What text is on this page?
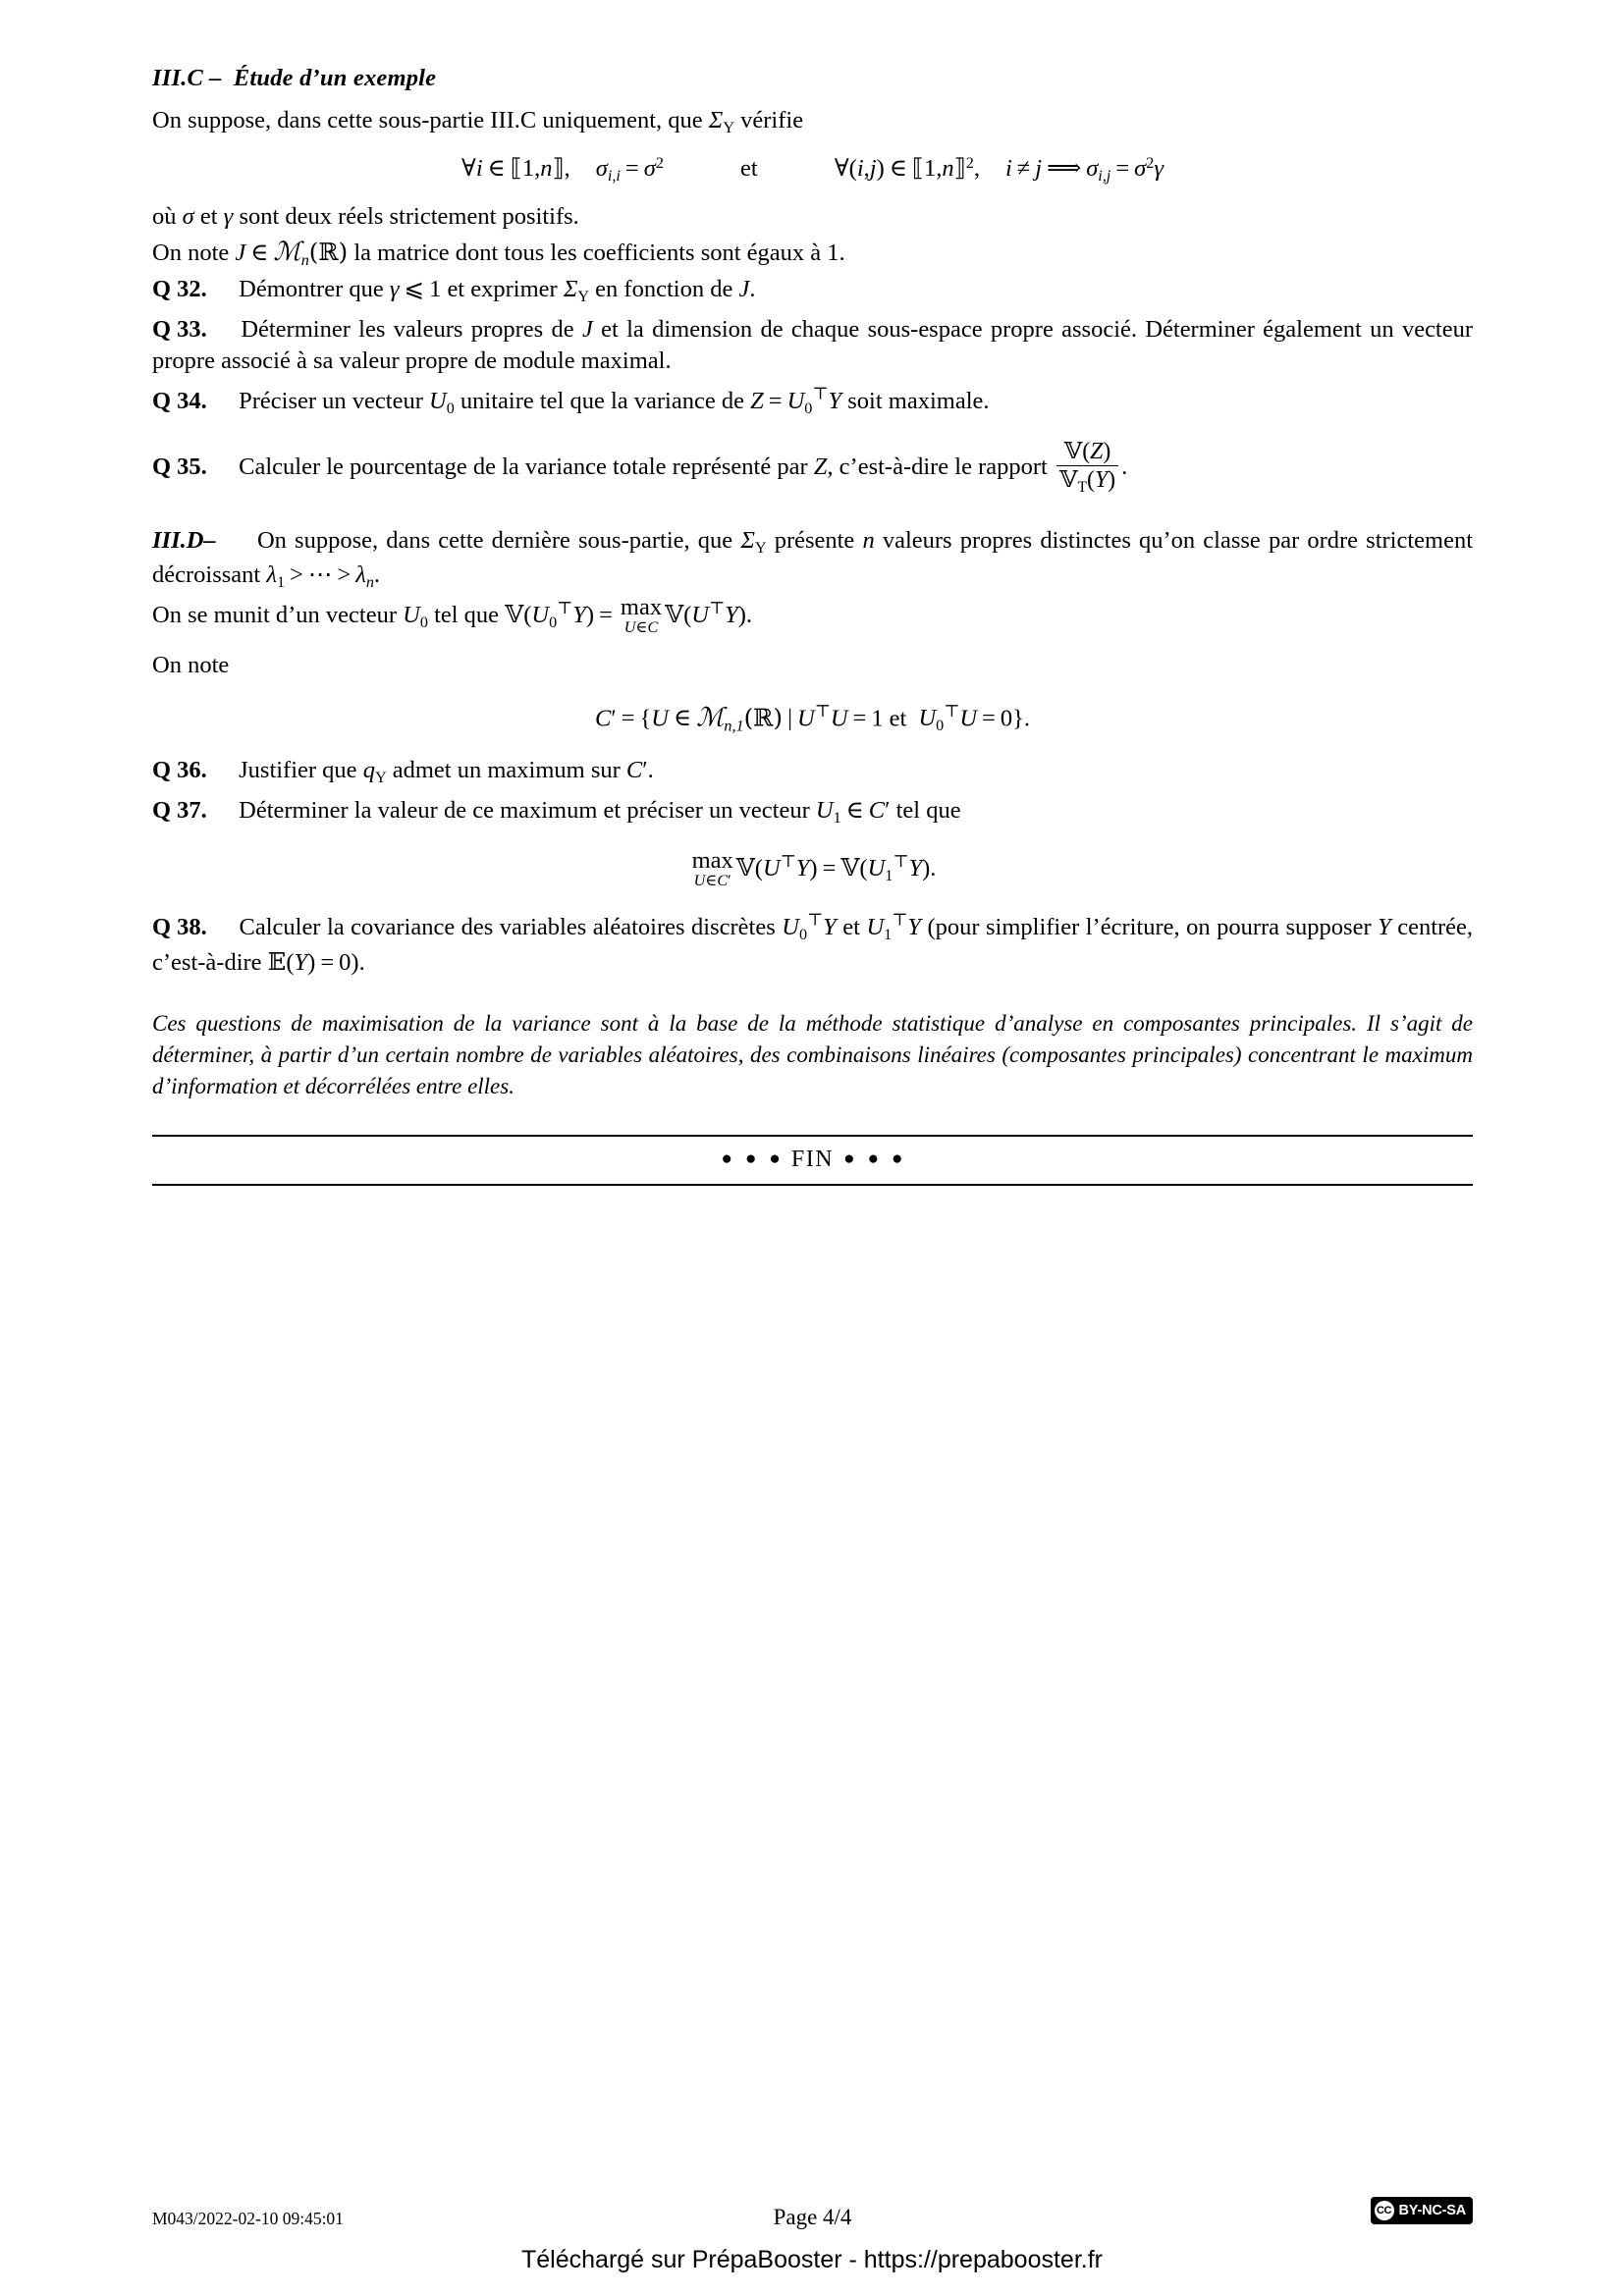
III.C – Étude d’un exemple

On suppose, dans cette sous-partie III.C uniquement, que $\Sigma_Y$ vérifie

∀i ∈ ⟦1,n⟧, $\sigma_{i,i} = \sigma^2$	et	∀(i,j) ∈ ⟦1,n⟧$^2$, i ≠ j ⟹ $\sigma_{i,j} = \sigma^2\gamma$

où σ et γ sont deux réels strictement positifs.

On note J ∈ ℳ$_n$(ℝ) la matrice dont tous les coefficients sont égaux à 1.

Q 32. Démontrer que γ ⩽ 1 et exprimer $\Sigma_Y$ en fonction de J.

Q 33. Déterminer les valeurs propres de J et la dimension de chaque sous-espace propre associé. Déterminer également un vecteur propre associé à sa valeur propre de module maximal.

Q 34. Préciser un vecteur $U_0$ unitaire tel que la variance de $Z = U_0^⊤Y$ soit maximale.

Q 35. Calculer le pourcentage de la variance totale représenté par Z, c’est-à-dire le rapport $\frac{\text{𝕍(Z)}}{𝕍_T(Y)}$ .

III.D– On suppose, dans cette dernière sous-partie, que $\Sigma_Y$ présente n valeurs propres distinctes qu’on classe par ordre strictement décroissant $\lambda_1$ > ⋯ > $\lambda_n$.

On se munit d’un vecteur $U_0$ tel que $𝕍(U_0^⊤Y) = \max$
U∈C 𝕍(U⊤Y).

On note

C′ = {U ∈ ℳ$_{n,1}$(ℝ) | U⊤U = 1 et $U_0^⊤U = 0$}.

Q 36. Justifier que $q_Y$ admet un maximum sur C′.

Q 37. Déterminer la valeur de ce maximum et préciser un vecteur $U_1$ ∈ C′ tel que

max
U∈C′ 𝕍(U⊤Y) = $𝕍(U_1^⊤Y)$.

Q 38. Calculer la covariance des variables aléatoires discrètes $U_0^⊤Y$ et $U_1^⊤Y$ (pour simplifier l’écriture, on pourra supposer Y centrée, c’est-à-dire 𝔼(Y) = 0).

Ces questions de maximisation de la variance sont à la base de la méthode statistique d’analyse en composantes principales. Il s’agit de déterminer, à partir d’un certain nombre de variables aléatoires, des combinaisons linéaires (composantes principales) concentrant le maximum d’information et décorrélées entre elles.

● ● ● FIN ● ● ●
M043/2022-02-10 09:45:01	Page 4/4	CC BY-NC-SA
Téléchargé sur PrépaBooster - https://prepabooster.fr
